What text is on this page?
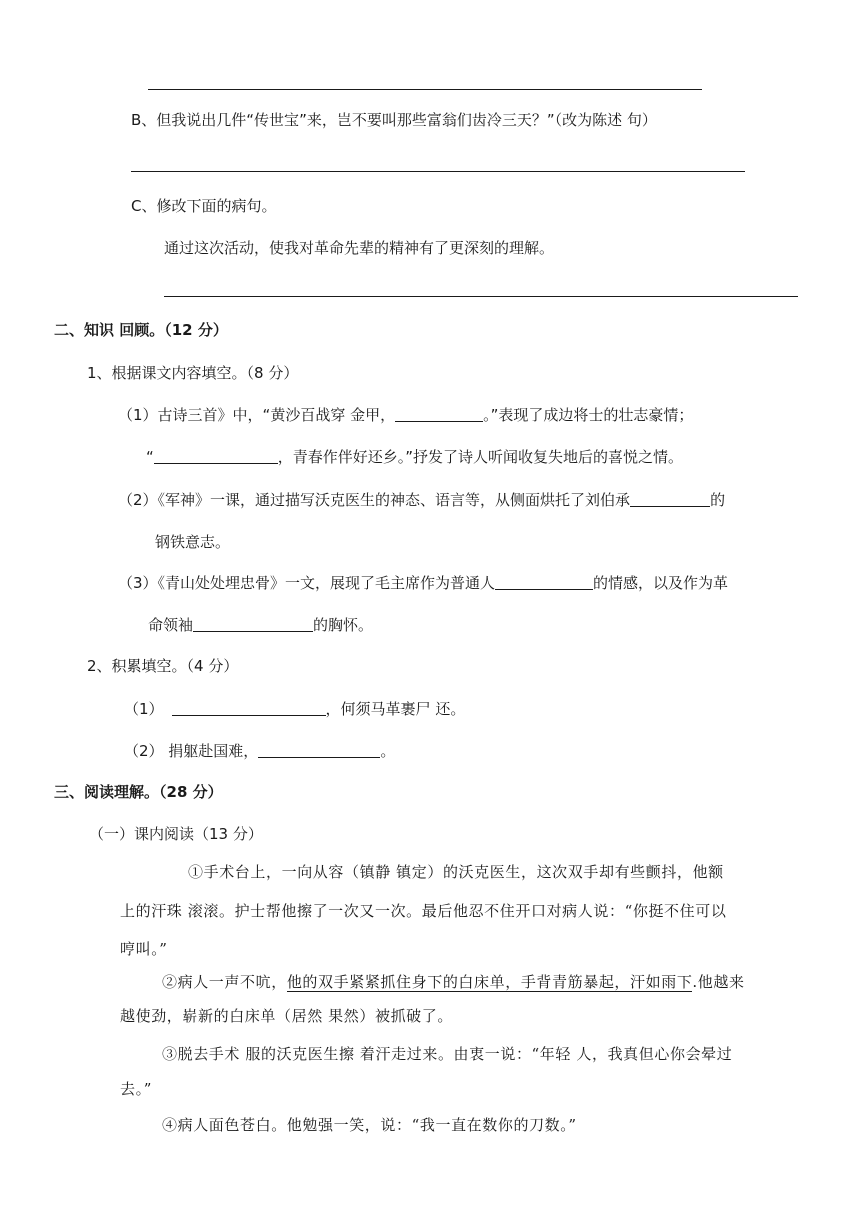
B、但我说出几件“传世宝”来，岂不要叫那些富翁们齿冷三天？”（改为陈述 句）
C、修改下面的病句。
通过这次活动，使我对革命先辈的精神有了更深刻的理解。
二、知识 回顾。（12 分）
1、根据课文内容填空。（8 分）
（1）古诗三首》中，“黄沙百战穿 金甲，	。”表现了成边将士的壮志豪情；
“	，青春作伴好还乡。”抒发了诗人听闻收复失地后的喜悦之情。
（2）《军神》一课，通过描写沃克医生的神态、语言等，从侧面烘托了刘伯承	的
钢铁意志。
（3）《青山处处埋忠骨》一文，展现了毛主席作为普通人	的情感，以及作为革
命领袖	的胸怀。
2、积累填空。（4 分）
（1）	，何须马革裹尸 还。
（2） 捐躯赴国难，	。
三、阅读理解。（28 分）
（一）课内阅读（13 分）
①手术台上，一向从容（镇静 镇定）的沃克医生，这次双手却有些颤抖，他额
上的汗珠 滚滚。护士帮他擦了一次又一次。最后他忍不住开口对病人说：“你挺不住可以
哼叫。”
②病人一声不吭，他的双手紧紧抓住身下的白床单，手背青筋暴起，汗如雨下.他越来
越使劲，崭新的白床单（居然 果然）被抓破了。
③脱去手术 服的沃克医生擦 着汗走过来。由衷一说：“年轻 人，我真但心你会晕过
去。”
④病人面色苍白。他勉强一笑，说：“我一直在数你的刀数。”
